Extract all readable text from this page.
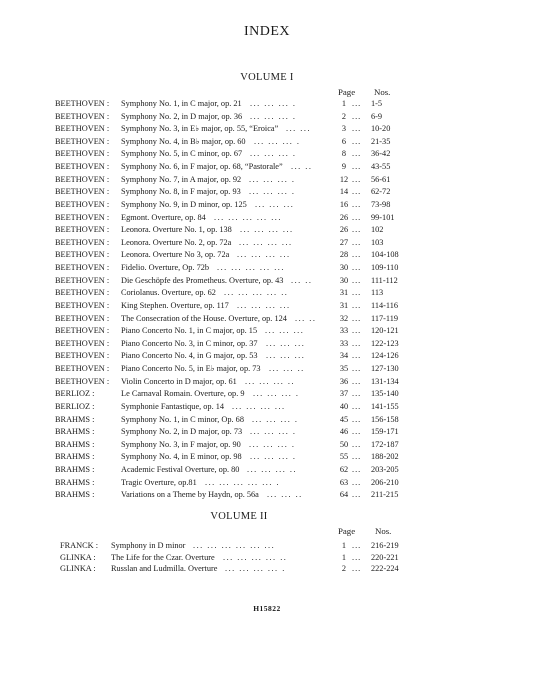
INDEX
VOLUME I
Page Nos.
BEETHOVEN : Symphony No. 1, in C major, op. 21 ... ... ... .	1 ... 1-5
BEETHOVEN : Symphony No. 2, in D major, op. 36 ... ... ... .	2 ... 6-9
BEETHOVEN : Symphony No. 3, in E♭ major, op. 55, “Eroica” ... ...	3 ... 10-20
BEETHOVEN : Symphony No. 4, in B♭ major, op. 60 ... ... ... .	6 ... 21-35
BEETHOVEN : Symphony No. 5, in C minor, op. 67 ... ... ... .	8 ... 36-42
BEETHOVEN : Symphony No. 6, in F major, op. 68, “Pastorale” ... ..	9 ... 43-55
BEETHOVEN : Symphony No. 7, in A major, op. 92 ... ... ... .	12 ... 56-61
BEETHOVEN : Symphony No. 8, in F major, op. 93 ... ... ... .	14 ... 62-72
BEETHOVEN : Symphony No. 9, in D minor, op. 125 ... ... ...	16 ... 73-98
BEETHOVEN : Egmont. Overture, op. 84 ... ... ... ... ...	26 ... 99-101
BEETHOVEN : Leonora. Overture No. 1, op. 138 ... ... ... ...	26 ... 102
BEETHOVEN : Leonora. Overture No. 2, op. 72a ... ... ... ...	27 ... 103
BEETHOVEN : Leonora. Overture No 3, op. 72a ... ... ... ...	28 ... 104-108
BEETHOVEN : Fidelio. Overture, Op. 72b ... ... ... ... ...	30 ... 109-110
BEETHOVEN : Die Geschöpfe des Prometheus. Overture, op. 43 ... ..	30 ... 111-112
BEETHOVEN : Coriolanus. Overture, op. 62 ... ... ... ... ..	31 ... 113
BEETHOVEN : King Stephen. Overture, op. 117 ... ... ... ...	31 ... 114-116
BEETHOVEN : The Consecration of the House. Overture, op. 124 ... ..	32 ... 117-119
BEETHOVEN : Piano Concerto No. 1, in C major, op. 15 ... ... ...	33 ... 120-121
BEETHOVEN : Piano Concerto No. 3, in C minor, op. 37 ... ... ...	33 ... 122-123
BEETHOVEN : Piano Concerto No. 4, in G major, op. 53 ... ... ...	34 ... 124-126
BEETHOVEN : Piano Concerto No. 5, in E♭ major, op. 73 ... ... ..	35 ... 127-130
BEETHOVEN : Violin Concerto in D major, op. 61 ... ... ... ..	36 ... 131-134
BERLIOZ :	Le Carnaval Romain. Overture, op. 9 ... ... ... .	37 ... 135-140
BERLIOZ :	Symphonie Fantastique, op. 14 ... ... ... ...	40 ... 141-155
BRAHMS :	Symphony No. 1, in C minor, Op. 68 ... ... ... .	45 ... 156-158
BRAHMS :	Symphony No. 2, in D major, op. 73 ... ... ... .	46 ... 159-171
BRAHMS :	Symphony No. 3, in F major, op. 90 ... ... ... .	50 ... 172-187
BRAHMS :	Symphony No. 4, in E minor, op. 98 ... ... ... .	55 ... 188-202
BRAHMS :	Academic Festival Overture, op. 80 ... ... ... ..	62 ... 203-205
BRAHMS :	Tragic Overture, op.81 ... ... ... ... ... .	63 ... 206-210
BRAHMS :	Variations on a Theme by Haydn, op. 56a ... ... ..	64 ... 211-215
VOLUME II
Page Nos.
FRANCK : Symphony in D minor ... ... ... ... ... ...	1 ... 216-219
GLINKA : The Life for the Czar. Overture ... ... ... ... ..	1 ... 220-221
GLINKA : Russlan and Ludmilla. Overture ... ... ... ... .	2 ... 222-224
H15822
